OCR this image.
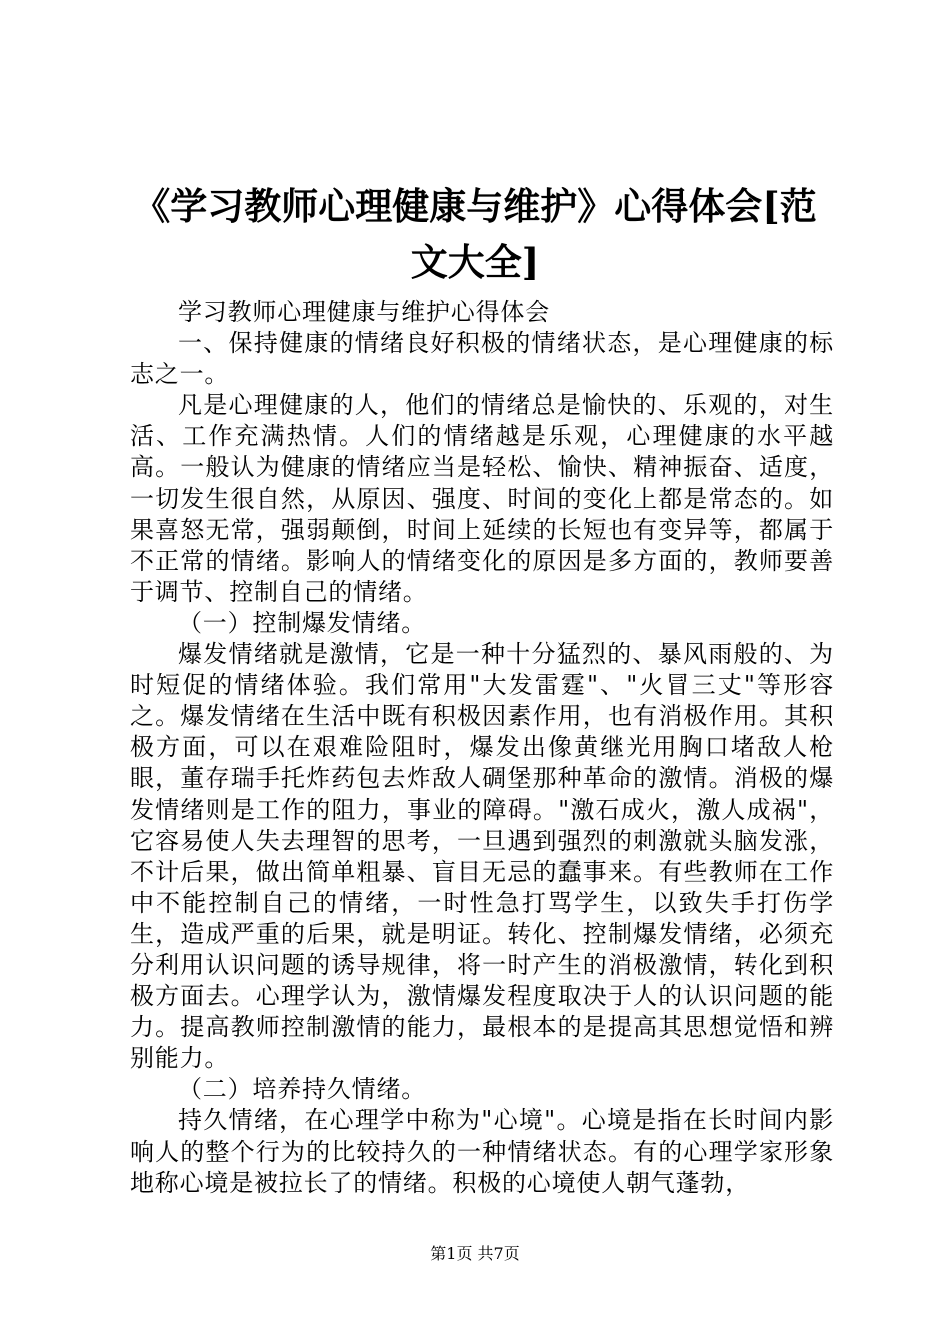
《学习教师心理健康与维护》心得体会[范文大全]

学习教师心理健康与维护心得体会

一、保持健康的情绪良好积极的情绪状态，是心理健康的标志之一。

凡是心理健康的人，他们的情绪总是愉快的、乐观的，对生活、工作充满热情。人们的情绪越是乐观，心理健康的水平越高。一般认为健康的情绪应当是轻松、愉快、精神振奋、适度，一切发生很自然，从原因、强度、时间的变化上都是常态的。如果喜怒无常，强弱颠倒，时间上延续的长短也有变异等，都属于不正常的情绪。影响人的情绪变化的原因是多方面的，教师要善于调节、控制自己的情绪。

（一）控制爆发情绪。

爆发情绪就是激情，它是一种十分猛烈的、暴风雨般的、为时短促的情绪体验。我们常用"大发雷霆"、"火冒三丈"等形容之。爆发情绪在生活中既有积极因素作用，也有消极作用。其积极方面，可以在艰难险阻时，爆发出像黄继光用胸口堵敌人枪眼，董存瑞手托炸药包去炸敌人碉堡那种革命的激情。消极的爆发情绪则是工作的阻力，事业的障碍。"激石成火，激人成祸"，它容易使人失去理智的思考，一旦遇到强烈的刺激就头脑发涨，不计后果，做出简单粗暴、盲目无忌的蠢事来。有些教师在工作中不能控制自己的情绪，一时性急打骂学生，以致失手打伤学生，造成严重的后果，就是明证。转化、控制爆发情绪，必须充分利用认识问题的诱导规律，将一时产生的消极激情，转化到积极方面去。心理学认为，激情爆发程度取决于人的认识问题的能力。提高教师控制激情的能力，最根本的是提高其思想觉悟和辨别能力。

（二）培养持久情绪。

持久情绪，在心理学中称为"心境"。心境是指在长时间内影响人的整个行为的比较持久的一种情绪状态。有的心理学家形象地称心境是被拉长了的情绪。积极的心境使人朝气蓬勃，

第1页 共7页
